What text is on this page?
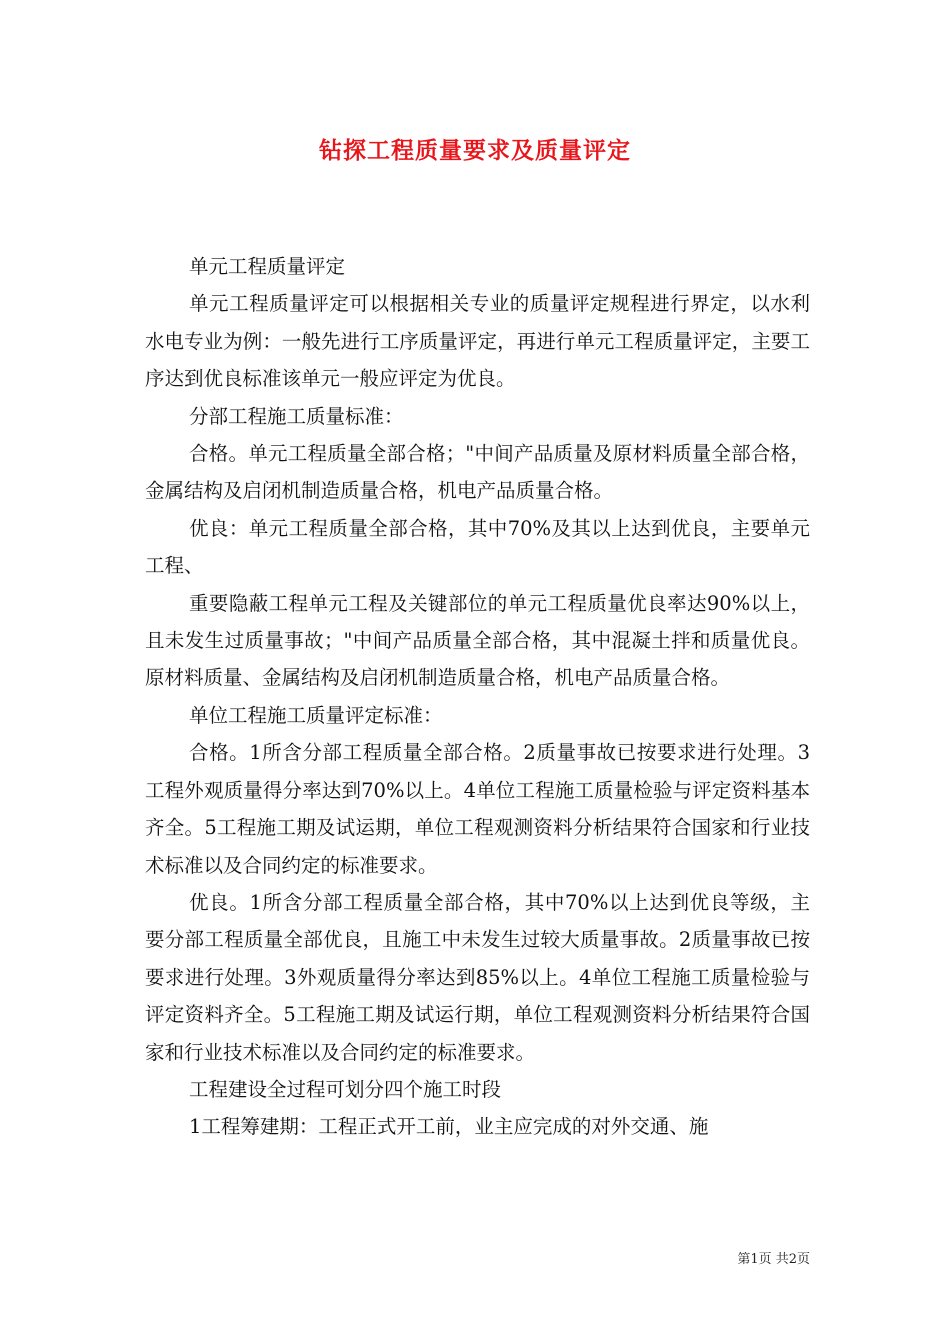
钻探工程质量要求及质量评定

单元工程质量评定

单元工程质量评定可以根据相关专业的质量评定规程进行界定，以水利水电专业为例：一般先进行工序质量评定，再进行单元工程质量评定，主要工序达到优良标准该单元一般应评定为优良。

分部工程施工质量标准：

合格。单元工程质量全部合格；"中间产品质量及原材料质量全部合格，金属结构及启闭机制造质量合格，机电产品质量合格。

优良：单元工程质量全部合格，其中70%及其以上达到优良，主要单元工程、

重要隐蔽工程单元工程及关键部位的单元工程质量优良率达90%以上，且未发生过质量事故；"中间产品质量全部合格，其中混凝土拌和质量优良。原材料质量、金属结构及启闭机制造质量合格，机电产品质量合格。

单位工程施工质量评定标准：

合格。1所含分部工程质量全部合格。2质量事故已按要求进行处理。3工程外观质量得分率达到70%以上。4单位工程施工质量检验与评定资料基本齐全。5工程施工期及试运期，单位工程观测资料分析结果符合国家和行业技术标准以及合同约定的标准要求。

优良。1所含分部工程质量全部合格，其中70%以上达到优良等级，主要分部工程质量全部优良，且施工中未发生过较大质量事故。2质量事故已按要求进行处理。3外观质量得分率达到85%以上。4单位工程施工质量检验与评定资料齐全。5工程施工期及试运行期，单位工程观测资料分析结果符合国家和行业技术标准以及合同约定的标准要求。

工程建设全过程可划分四个施工时段

1工程筹建期：工程正式开工前，业主应完成的对外交通、施

第1页 共2页
